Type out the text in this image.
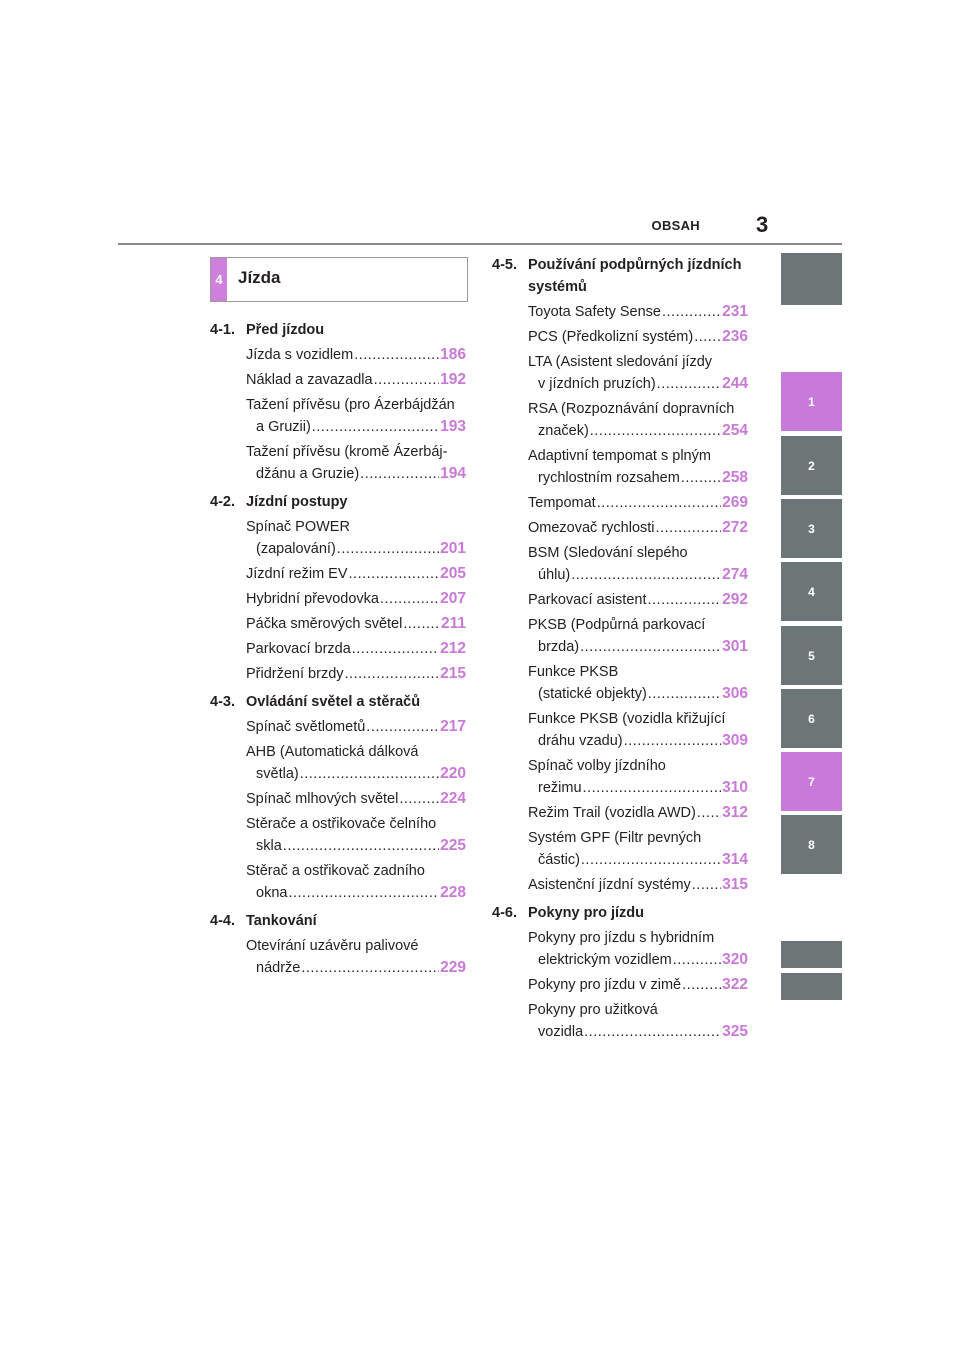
OBSAH	3
4 Jízda
4-1. Před jízdou
Jízda s vozidlem .....	186
Náklad a zavazadla .....	192
Tažení přívěsu (pro Ázerbájdžán
a Gruzii) .....	193
Tažení přívěsu (kromě Ázerbáj-
džánu a Gruzie) .....	194
4-2. Jízdní postupy
Spínač POWER
(zapalování) .....	201
Jízdní režim EV .....	205
Hybridní převodovka .....	207
Páčka směrových světel ..... 211
Parkovací brzda .....	212
Přidržení brzdy .....	215
4-3. Ovládání světel a stěračů
Spínač světlometů .....	217
AHB (Automatická dálková
světla) .....	220
Spínač mlhových světel .....	224
Stěrače a ostřikovače čelního
skla .....	225
Stěrač a ostřikovač zadního
okna .....	228
4-4. Tankování
Otevírání uzávěru palivové
nádrže .....	229
4-5. Používání podpůrných jízdních
systémů
Toyota Safety Sense .....	231
PCS (Předkolizní systém) ..... 236
LTA (Asistent sledování jízdy
v jízdních pruzích) .....	244
RSA (Rozpoznávání dopravních
značek) .....	254
Adaptivní tempomat s plným
rychlostním rozsahem .....	258
Tempomat .....	269
Omezovač rychlosti .....	272
BSM (Sledování slepého
úhlu) .....	274
Parkovací asistent .....	292
PKSB (Podpůrná parkovací
brzda) .....	301
Funkce PKSB
(statické objekty) .....	306
Funkce PKSB (vozidla křižující
dráhu vzadu) .....	309
Spínač volby jízdního
režimu .....	310
Režim Trail (vozidla AWD) ..... 312
Systém GPF (Filtr pevných
částic) .....	314
Asistenční jízdní systémy ..... 315
4-6. Pokyny pro jízdu
Pokyny pro jízdu s hybridním
elektrickým vozidlem .....	320
Pokyny pro jízdu v zimě .....	322
Pokyny pro užitková
vozidla .....	325
1
2
3
4
5
6
7
8
